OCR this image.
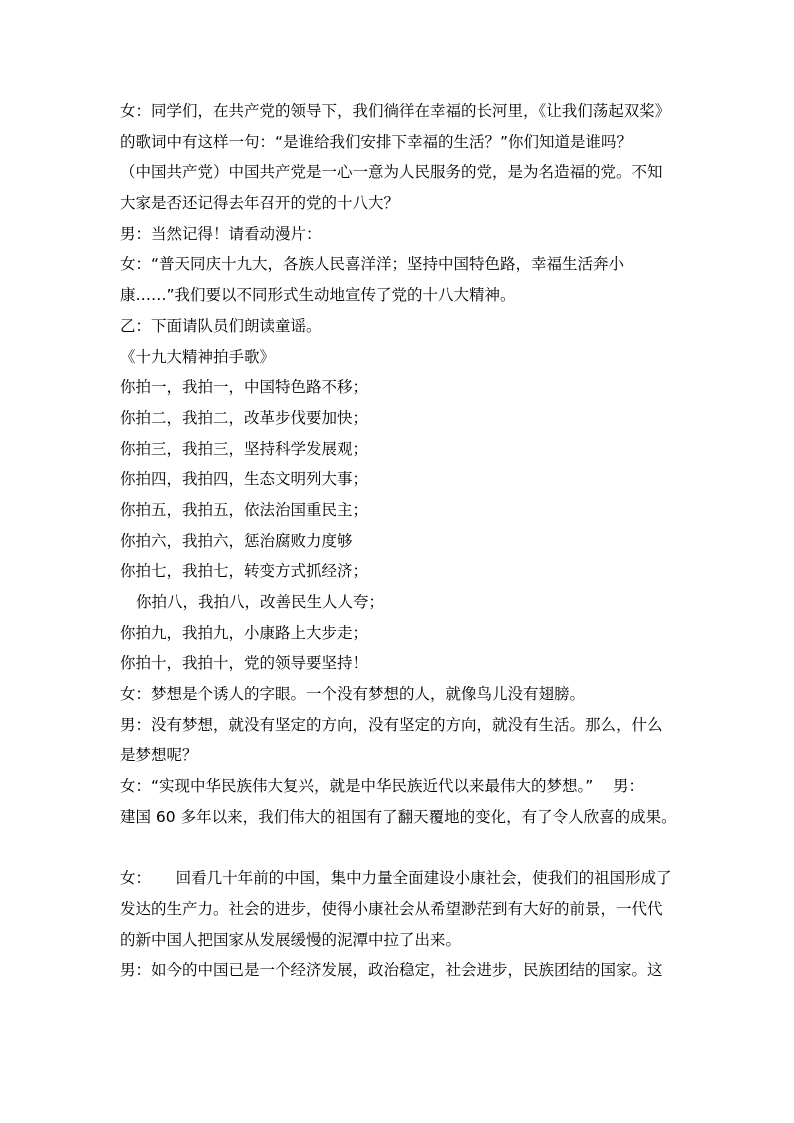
女：同学们，在共产党的领导下，我们徜徉在幸福的长河里，《让我们荡起双桨》
的歌词中有这样一句：“是谁给我们安排下幸福的生活？”你们知道是谁吗？
（中国共产党）中国共产党是一心一意为人民服务的党，是为名造福的党。不知
大家是否还记得去年召开的党的十八大？
男：当然记得！请看动漫片：
女：“普天同庆十九大，各族人民喜洋洋；坚持中国特色路，幸福生活奔小
康……”我们要以不同形式生动地宣传了党的十八大精神。
乙：下面请队员们朗读童谣。
《十九大精神拍手歌》
你拍一，我拍一，中国特色路不移；
你拍二，我拍二，改革步伐要加快；
你拍三，我拍三，坚持科学发展观；
你拍四，我拍四，生态文明列大事；
你拍五，我拍五，依法治国重民主；
你拍六，我拍六，惩治腐败力度够
你拍七，我拍七，转变方式抓经济；
你拍八，我拍八，改善民生人人夸；
你拍九，我拍九，小康路上大步走；
你拍十，我拍十，党的领导要坚持！
女：梦想是个诱人的字眼。一个没有梦想的人，就像鸟儿没有翅膀。
男：没有梦想，就没有坚定的方向，没有坚定的方向，就没有生活。那么，什么
是梦想呢？
女：“实现中华民族伟大复兴，就是中华民族近代以来最伟大的梦想。”    男：
建国 60 多年以来，我们伟大的祖国有了翻天覆地的变化，有了令人欣喜的成果。
女：     回看几十年前的中国，集中力量全面建设小康社会，使我们的祖国形成了
发达的生产力。社会的进步，使得小康社会从希望渺茫到有大好的前景，一代代
的新中国人把国家从发展缓慢的泥潭中拉了出来。
男：如今的中国已是一个经济发展，政治稳定，社会进步，民族团结的国家。这
